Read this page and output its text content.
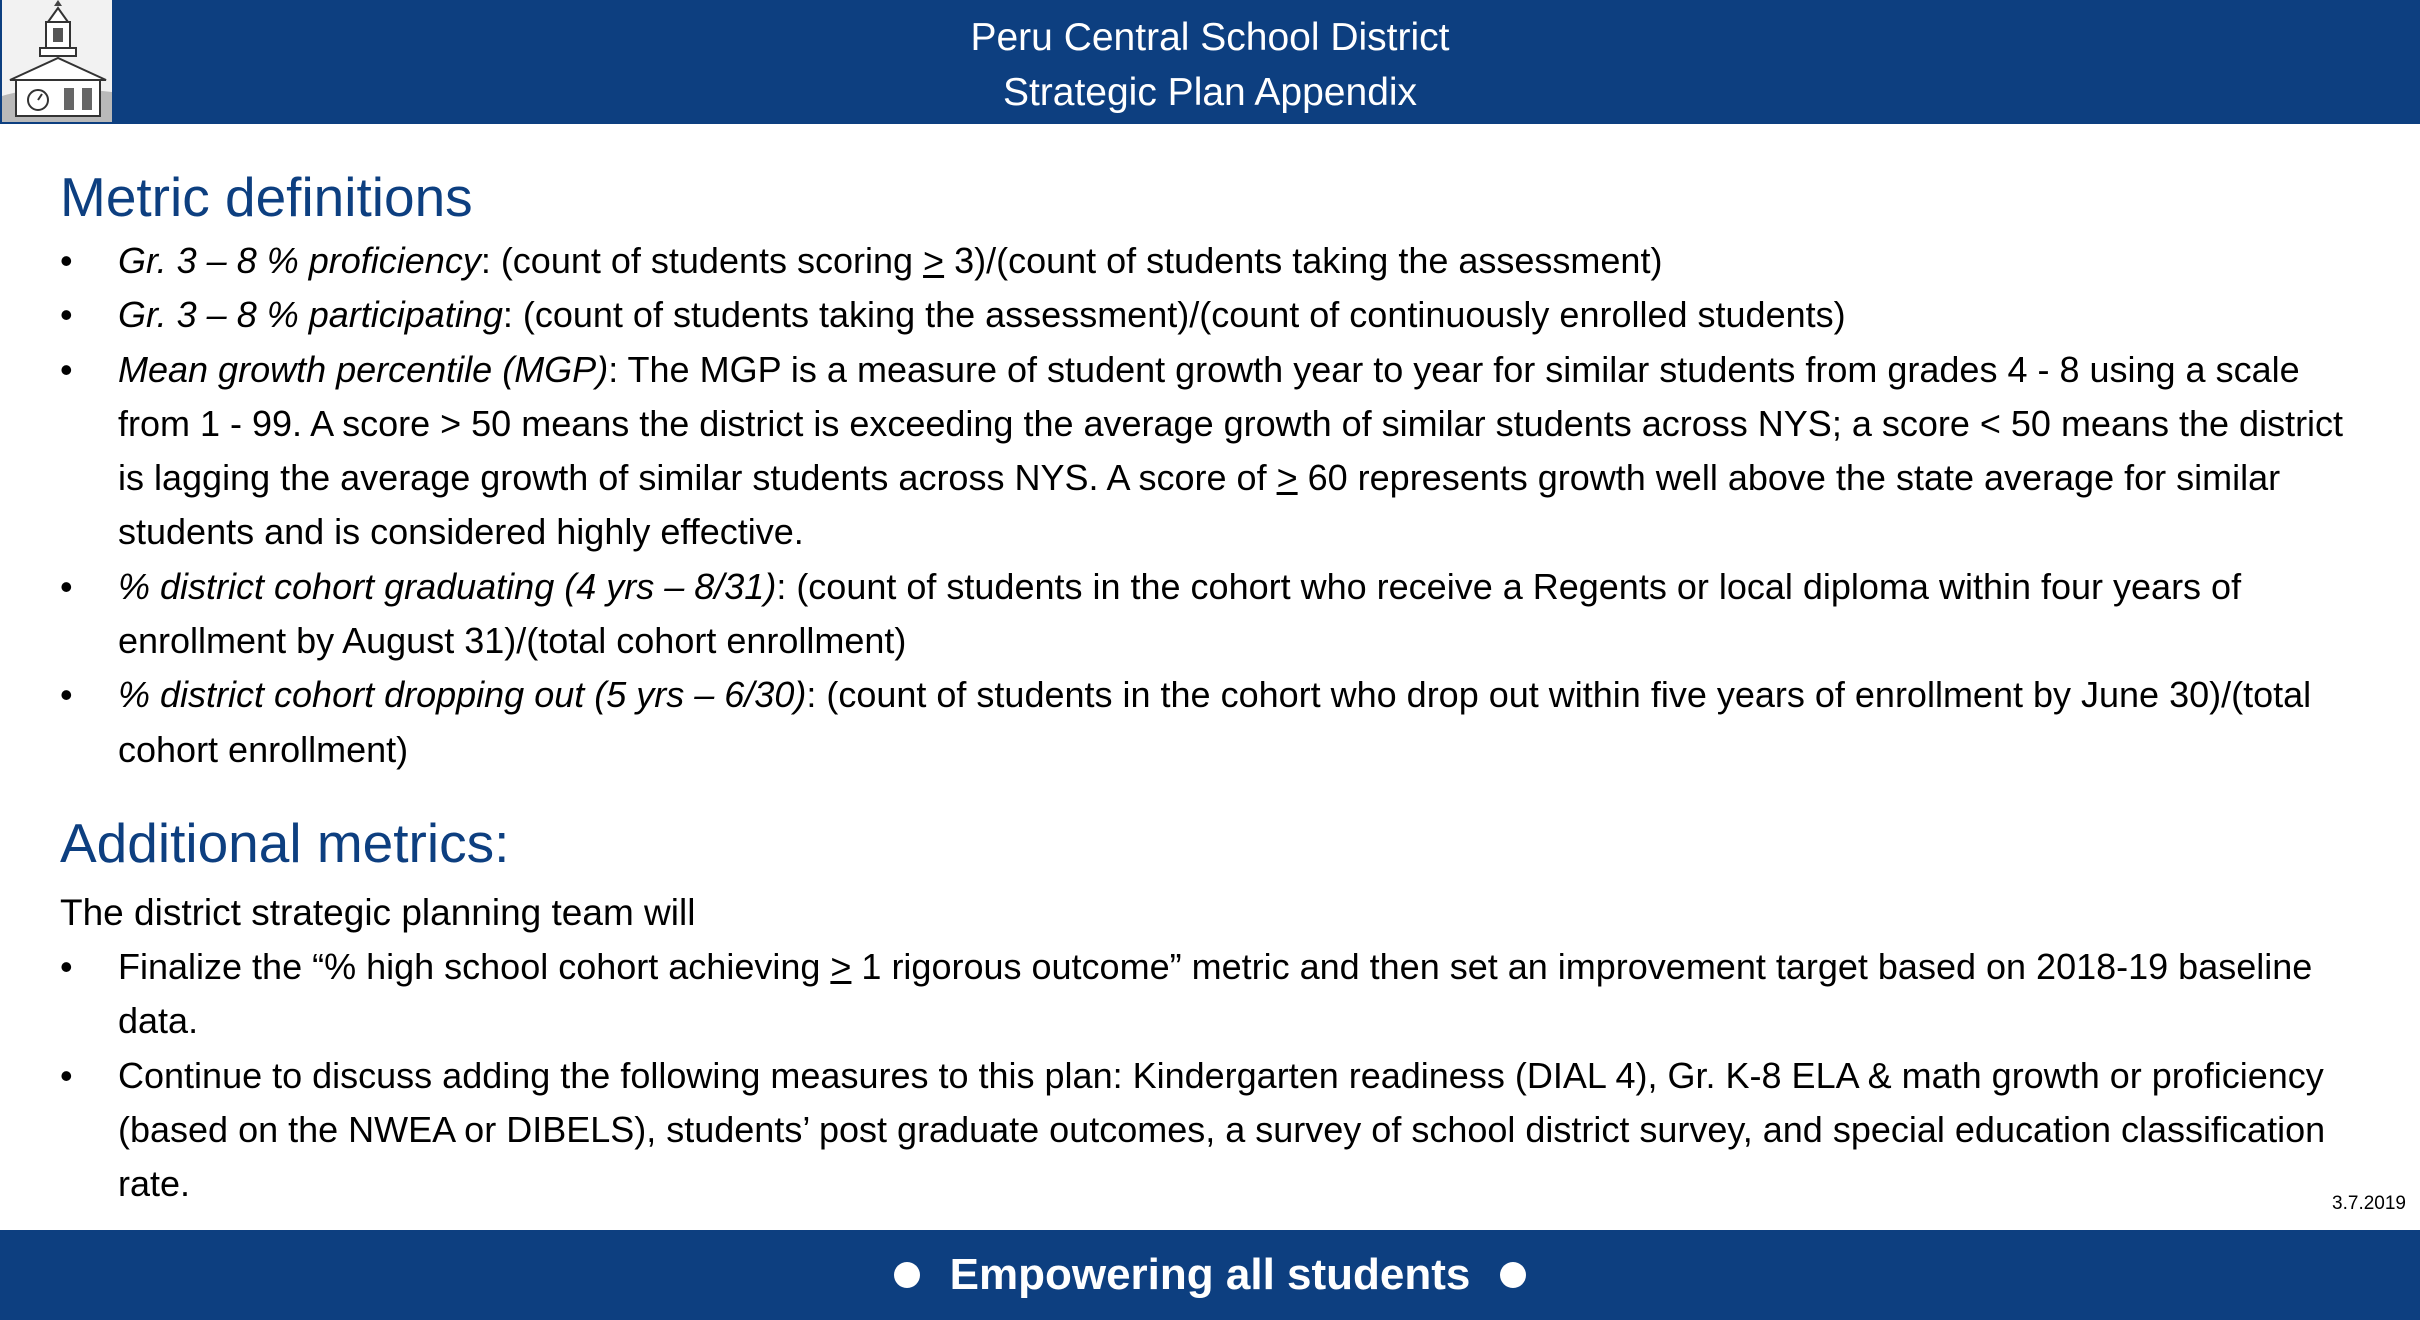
Peru Central School District
Strategic Plan Appendix
Metric definitions
• Gr. 3 – 8 % proficiency: (count of students scoring > 3)/(count of students taking the assessment)
• Gr. 3 – 8 % participating: (count of students taking the assessment)/(count of continuously enrolled students)
• Mean growth percentile (MGP): The MGP is a measure of student growth year to year for similar students from grades 4 - 8 using a scale from 1 - 99. A score > 50 means the district is exceeding the average growth of similar students across NYS; a score < 50 means the district is lagging the average growth of similar students across NYS. A score of > 60 represents growth well above the state average for similar students and is considered highly effective.
• % district cohort graduating (4 yrs – 8/31): (count of students in the cohort who receive a Regents or local diploma within four years of enrollment by August 31)/(total cohort enrollment)
• % district cohort dropping out (5 yrs – 6/30): (count of students in the cohort who drop out within five years of enrollment by June 30)/(total cohort enrollment)
Additional metrics:
The district strategic planning team will
• Finalize the “% high school cohort achieving > 1 rigorous outcome” metric and then set an improvement target based on 2018-19 baseline data.
• Continue to discuss adding the following measures to this plan: Kindergarten readiness (DIAL 4), Gr. K-8 ELA & math growth or proficiency (based on the NWEA or DIBELS), students’ post graduate outcomes, a survey of school district survey, and special education classification rate.	3.7.2019
Empowering all students
